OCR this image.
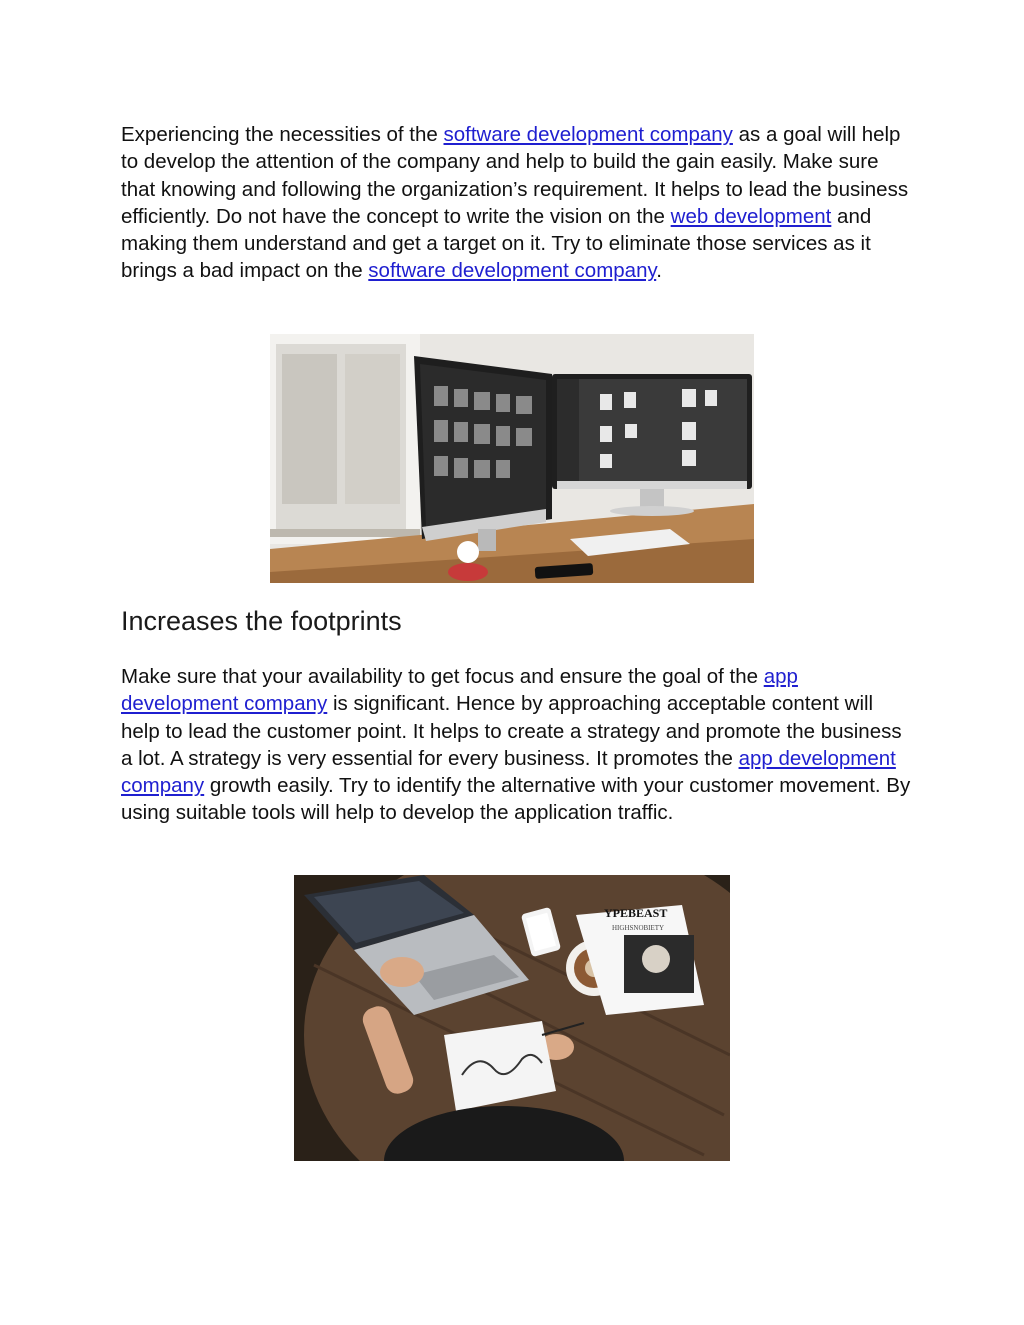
Experiencing the necessities of the software development company as a goal will help to develop the attention of the company and help to build the gain easily. Make sure that knowing and following the organization’s requirement. It helps to lead the business efficiently. Do not have the concept to write the vision on the web development and making them understand and get a target on it. Try to eliminate those services as it brings a bad impact on the software development company.

Increases the footprints

Make sure that your availability to get focus and ensure the goal of the app development company is significant. Hence by approaching acceptable content will help to lead the customer point. It helps to create a strategy and promote the business a lot. A strategy is very essential for every business. It promotes the app development company growth easily. Try to identify the alternative with your customer movement. By using suitable tools will help to develop the application traffic.

YPEBEAST
HIGHSNOBIETY
